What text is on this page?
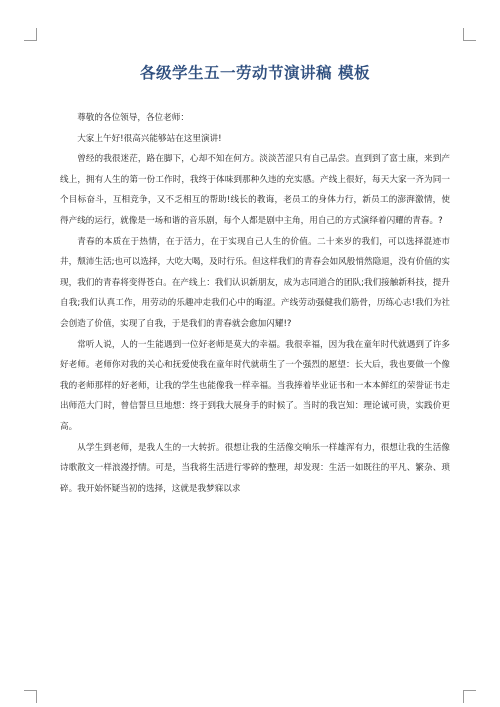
各级学生五一劳动节演讲稿 模板

尊敬的各位领导，各位老师：

大家上午好!很高兴能够站在这里演讲!

曾经的我很迷茫，路在脚下，心却不知在何方。淡淡苦涩只有自己品尝。直到到了富士康，来到产线上，拥有人生的第一份工作时，我终于体味到那种久违的充实感。产线上很好，每天大家一齐为同一个目标奋斗，互相竞争，又不乏相互的帮助!线长的教诲，老员工的身体力行，新员工的澎湃激情，使得产线的运行，就像是一场和谐的音乐剧，每个人都是剧中主角，用自己的方式演绎着闪耀的青春。?

青春的本质在于热情，在于活力，在于实现自己人生的价值。二十来岁的我们，可以选择混迹市井，颓沛生活;也可以选择，大吃大喝，及时行乐。但这样我们的青春会如风般悄然隐退，没有价值的实现，我们的青春将变得苍白。在产线上：我们认识新朋友，成为志同道合的团队;我们接触新科技，提升自我;我们认真工作，用劳动的乐趣冲走我们心中的晦涩。产线劳动强健我们筋骨，历练心志!我们为社会创造了价值，实现了自我，于是我们的青春就会愈加闪耀!?

常听人说，人的一生能遇到一位好老师是莫大的幸福。我很幸福，因为我在童年时代就遇到了许多好老师。老师你对我的关心和抚爱使我在童年时代就萌生了一个强烈的愿望：长大后，我也要做一个像我的老师那样的好老师，让我的学生也能像我一样幸福。当我捧着毕业证书和一本本鲜红的荣誉证书走出师范大门时，曾信誓旦旦地想：终于到我大展身手的时候了。当时的我岂知：理论诚可贵，实践价更高。

从学生到老师，是我人生的一大转折。很想让我的生活像交响乐一样雄浑有力，很想让我的生活像诗歌散文一样浪漫抒情。可是，当我将生活进行零碎的整理，却发现：生活一如既往的平凡、繁杂、琐碎。我开始怀疑当初的选择，这就是我梦寐以求
